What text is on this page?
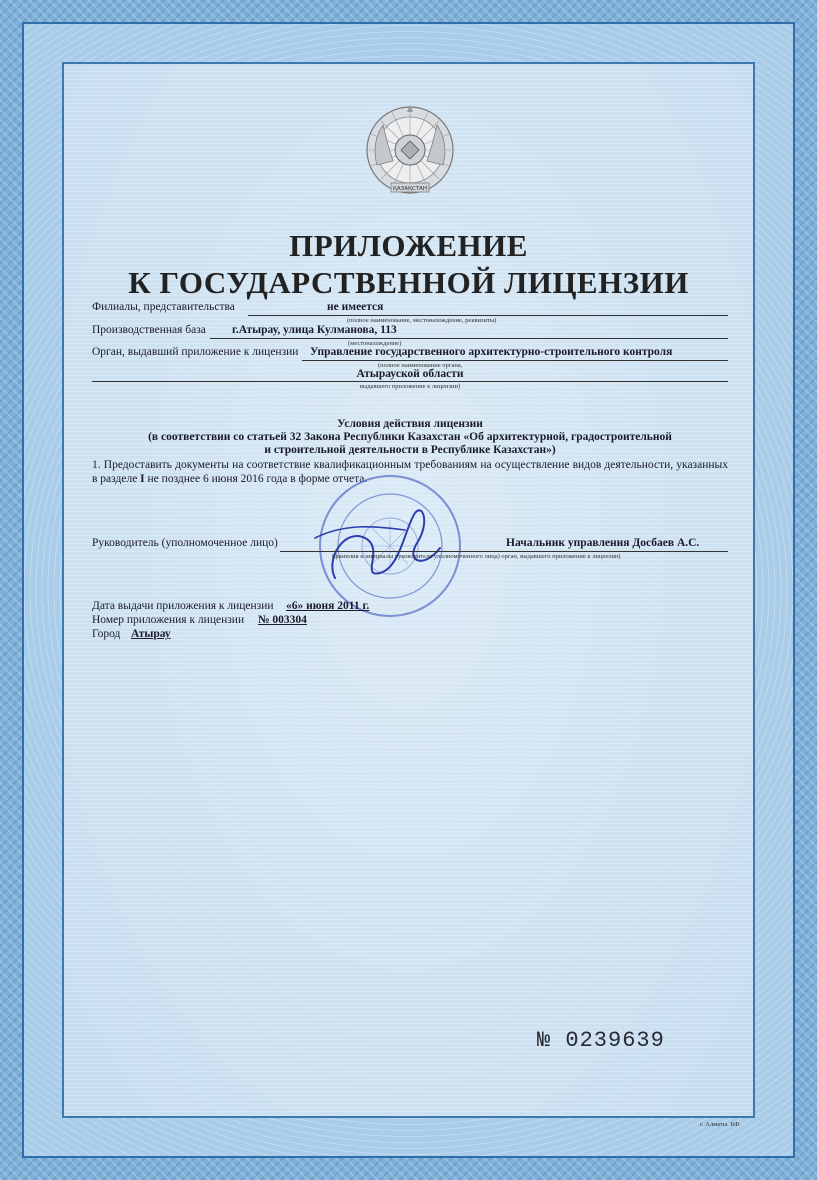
ҚАЗАҚСТАН
ПРИЛОЖЕНИЕ
К ГОСУДАРСТВЕННОЙ ЛИЦЕНЗИИ
Филиалы, представительства	не имеется
(полное наименование, местонахождение, реквизиты)
Производственная база г.Атырау, улица Кулманова, 113
(местонахождение)
Орган, выдавший приложение к лицензии Управление государственного архитектурно-строительного контроля
(полное наименование органа,
Атырауской области
выдавшего приложение к лицензии)
Условия действия лицензии
(в соответствии со статьей 32 Закона Республики Казахстан «Об архитектурной, градостроительной
и строительной деятельности в Республике Казахстан»)
1. Предоставить документы на соответствие квалификационным требованиям на осуществление видов деятельности, указанных в разделе I не позднее 6 июня 2016 года в форме отчета.
Руководитель (уполномоченное лицо)	Начальник управления Досбаев А.С.
(фамилия и инициалы руководителя уполномоченного лица) орган, выдавшего приложение к лицензии)
Дата выдачи приложения к лицензии «6» июня 2011 г.
Номер приложения к лицензии № 003304
Город Атырау
№ 0239639
г. Алматы. БФ.
